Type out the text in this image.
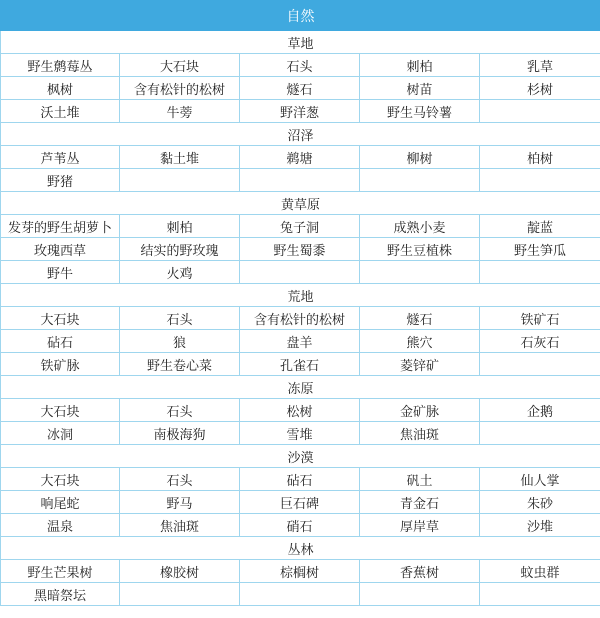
自然				
草地				
野生鹩莓丛	大石块	石头	刺柏	乳草
枫树	含有松针的松树	燧石	树苗	杉树
沃土堆	牛蒡	野洋葱	野生马铃薯	
沼泽				
芦苇丛	黏土堆	鹈塘	柳树	柏树
野猪				
黄草原				
发芽的野生胡萝卜	刺柏	兔子洞	成熟小麦	靛蓝
玫瑰西草	结实的野玫瑰	野生蜀黍	野生豆植株	野生笋瓜
野牛	火鸡			
荒地				
大石块	石头	含有松针的松树	燧石	铁矿石
砧石	狼	盘羊	熊穴	石灰石
铁矿脉	野生卷心菜	孔雀石	菱锌矿	
冻原				
大石块	石头	松树	金矿脉	企鹅
冰洞	南极海狗	雪堆	焦油斑	
沙漠				
大石块	石头	砧石	矾土	仙人掌
响尾蛇	野马	巨石碑	青金石	朱砂
温泉	焦油斑	硝石	厚岸草	沙堆
丛林				
野生芒果树	橡胶树	棕榈树	香蕉树	蚊虫群
黑暗祭坛				
